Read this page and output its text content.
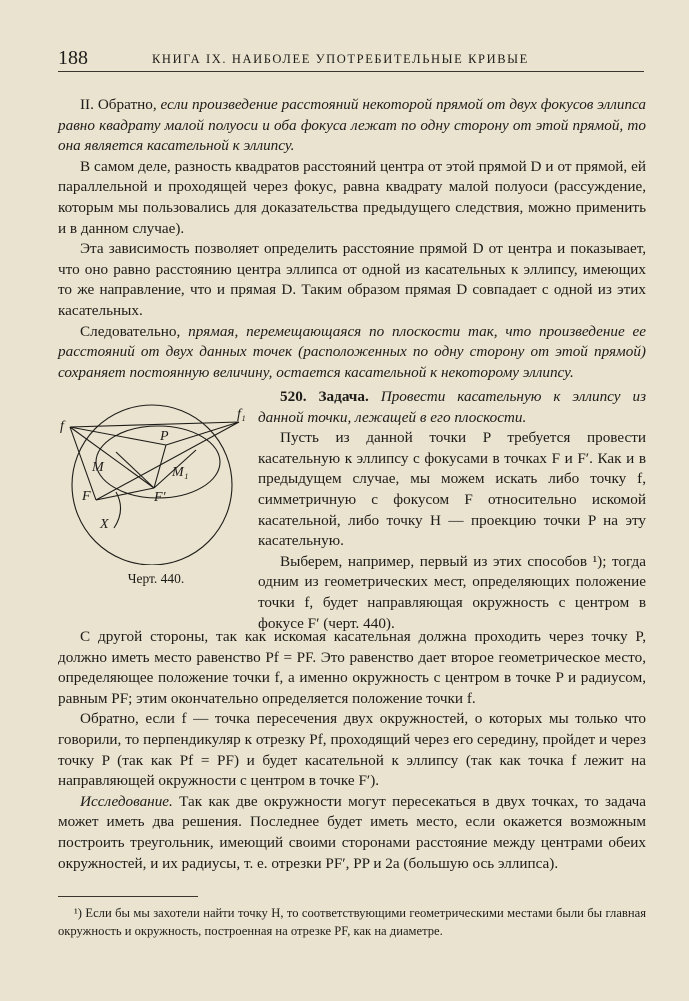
188	КНИГА IX. НАИБОЛЕЕ УПОТРЕБИТЕЛЬНЫЕ КРИВЫЕ

II. Обратно, если произведение расстояний некоторой прямой от двух фокусов эллипса равно квадрату малой полуоси и оба фокуса лежат по одну сторону от этой прямой, то она является касательной к эллипсу.

В самом деле, разность квадратов расстояний центра от этой прямой D и от прямой, ей параллельной и проходящей через фокус, равна квадрату малой полуоси (рассуждение, которым мы пользовались для доказательства предыдущего следствия, можно применить и в данном случае).

Эта зависимость позволяет определить расстояние прямой D от центра и показывает, что оно равно расстоянию центра эллипса от одной из касательных к эллипсу, имеющих то же направление, что и прямая D. Таким образом прямая D совпадает с одной из этих касательных.

Следовательно, прямая, перемещающаяся по плоскости так, что произведение ее расстояний от двух данных точек (расположенных по одну сторону от этой прямой) сохраняет постоянную величину, остается касательной к некоторому эллипсу.

f
f₁
P
M	M₁
F	F′
X
Черт. 440.

520. Задача. Провести касательную к эллипсу из данной точки, лежащей в его плоскости.

Пусть из данной точки P требуется провести касательную к эллипсу с фокусами в точках F и F′. Как и в предыдущем случае, мы можем искать либо точку f, симметричную с фокусом F относительно искомой касательной, либо точку H — проекцию точки P на эту касательную.

Выберем, например, первый из этих способов ¹); тогда одним из геометрических мест, определяющих положение точки f, будет направляющая окружность с центром в фокусе F′ (черт. 440).

С другой стороны, так как искомая касательная должна проходить через точку P, должно иметь место равенство Pf = PF. Это равенство дает второе геометрическое место, определяющее положение точки f, а именно окружность с центром в точке P и радиусом, равным PF; этим окончательно определяется положение точки f.

Обратно, если f — точка пересечения двух окружностей, о которых мы только что говорили, то перпендикуляр к отрезку Pf, проходящий через его середину, пройдет и через точку P (так как Pf = PF) и будет касательной к эллипсу (так как точка f лежит на направляющей окружности с центром в точке F′).

Исследование. Так как две окружности могут пересекаться в двух точках, то задача может иметь два решения. Последнее будет иметь место, если окажется возможным построить треугольник, имеющий своими сторонами расстояние между центрами обеих окружностей, и их радиусы, т. е. отрезки PF′, PP и 2a (большую ось эллипса).

¹) Если бы мы захотели найти точку H, то соответствующими геометрическими местами были бы главная окружность и окружность, построенная на отрезке PF, как на диаметре.
